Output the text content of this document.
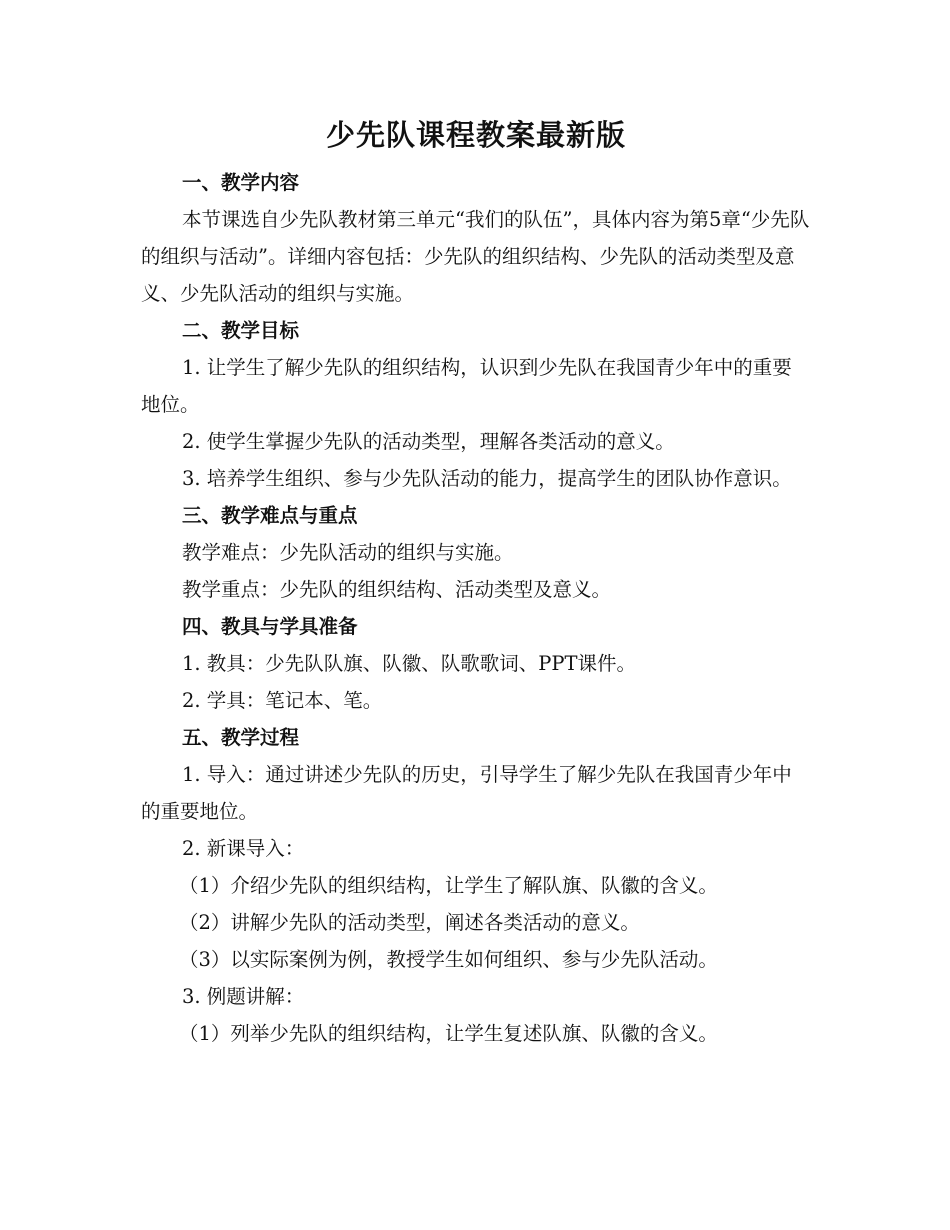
少先队课程教案最新版

一、教学内容

本节课选自少先队教材第三单元“我们的队伍”，具体内容为第5章“少先队的组织与活动”。详细内容包括：少先队的组织结构、少先队的活动类型及意义、少先队活动的组织与实施。

二、教学目标

1. 让学生了解少先队的组织结构，认识到少先队在我国青少年中的重要地位。

2. 使学生掌握少先队的活动类型，理解各类活动的意义。

3. 培养学生组织、参与少先队活动的能力，提高学生的团队协作意识。

三、教学难点与重点

教学难点：少先队活动的组织与实施。

教学重点：少先队的组织结构、活动类型及意义。

四、教具与学具准备

1. 教具：少先队队旗、队徽、队歌歌词、PPT课件。

2. 学具：笔记本、笔。

五、教学过程

1. 导入：通过讲述少先队的历史，引导学生了解少先队在我国青少年中的重要地位。

2. 新课导入：

（1）介绍少先队的组织结构，让学生了解队旗、队徽的含义。

（2）讲解少先队的活动类型，阐述各类活动的意义。

（3）以实际案例为例，教授学生如何组织、参与少先队活动。

3. 例题讲解：

（1）列举少先队的组织结构，让学生复述队旗、队徽的含义。
